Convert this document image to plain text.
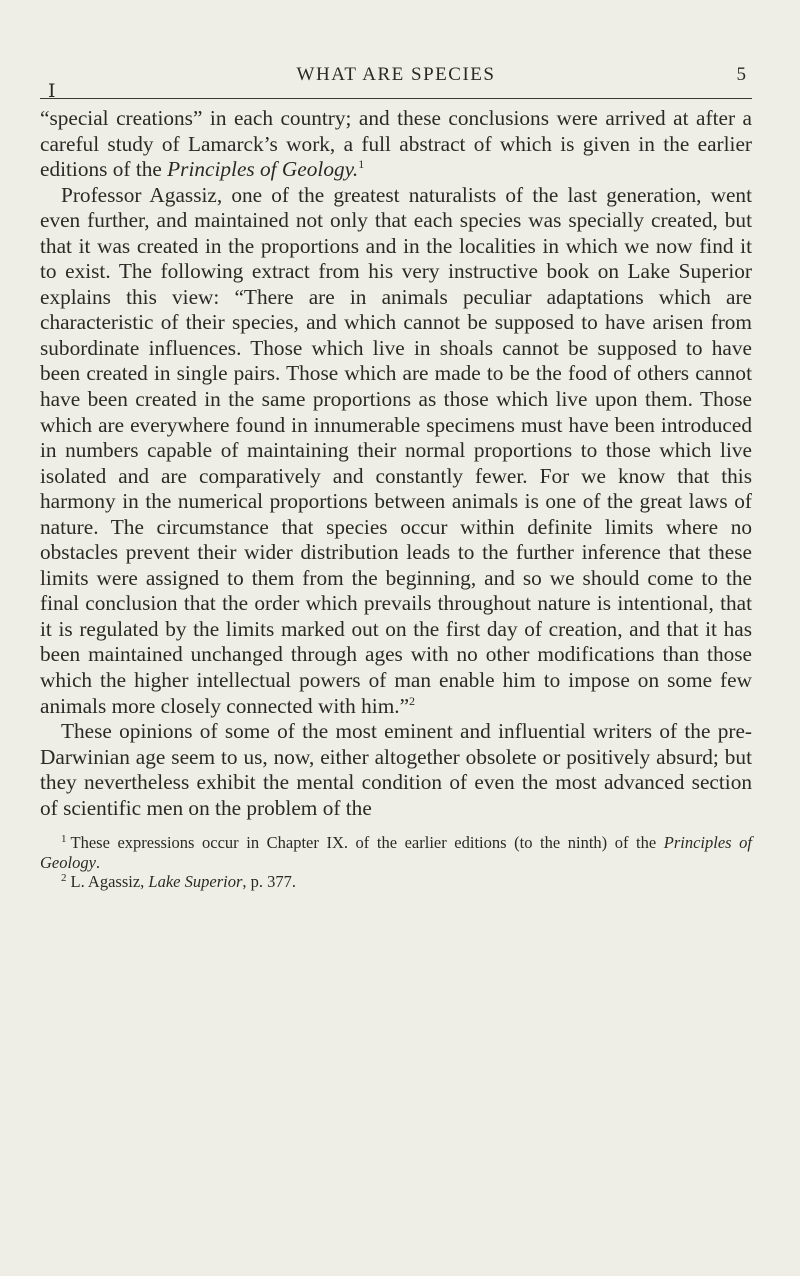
I
WHAT ARE SPECIES	5

“special creations” in each country; and these conclusions were arrived at after a careful study of Lamarck’s work, a full abstract of which is given in the earlier editions of the Principles of Geology.$^1$

Professor Agassiz, one of the greatest naturalists of the last generation, went even further, and maintained not only that each species was specially created, but that it was created in the proportions and in the localities in which we now find it to exist. The following extract from his very instructive book on Lake Superior explains this view: “There are in animals peculiar adaptations which are characteristic of their species, and which cannot be supposed to have arisen from subordinate influences. Those which live in shoals cannot be supposed to have been created in single pairs. Those which are made to be the food of others cannot have been created in the same proportions as those which live upon them. Those which are everywhere found in innumerable specimens must have been introduced in numbers capable of maintaining their normal proportions to those which live isolated and are comparatively and constantly fewer. For we know that this harmony in the numerical proportions between animals is one of the great laws of nature. The circumstance that species occur within definite limits where no obstacles prevent their wider distribution leads to the further inference that these limits were assigned to them from the beginning, and so we should come to the final conclusion that the order which prevails throughout nature is intentional, that it is regulated by the limits marked out on the first day of creation, and that it has been maintained unchanged through ages with no other modifications than those which the higher intellectual powers of man enable him to impose on some few animals more closely connected with him.”$^2$

These opinions of some of the most eminent and influential writers of the pre-Darwinian age seem to us, now, either altogether obsolete or positively absurd; but they nevertheless exhibit the mental condition of even the most advanced section of scientific men on the problem of the

$^1$ These expressions occur in Chapter IX. of the earlier editions (to the ninth) of the Principles of Geology.

$^2$ L. Agassiz, Lake Superior, p. 377.
